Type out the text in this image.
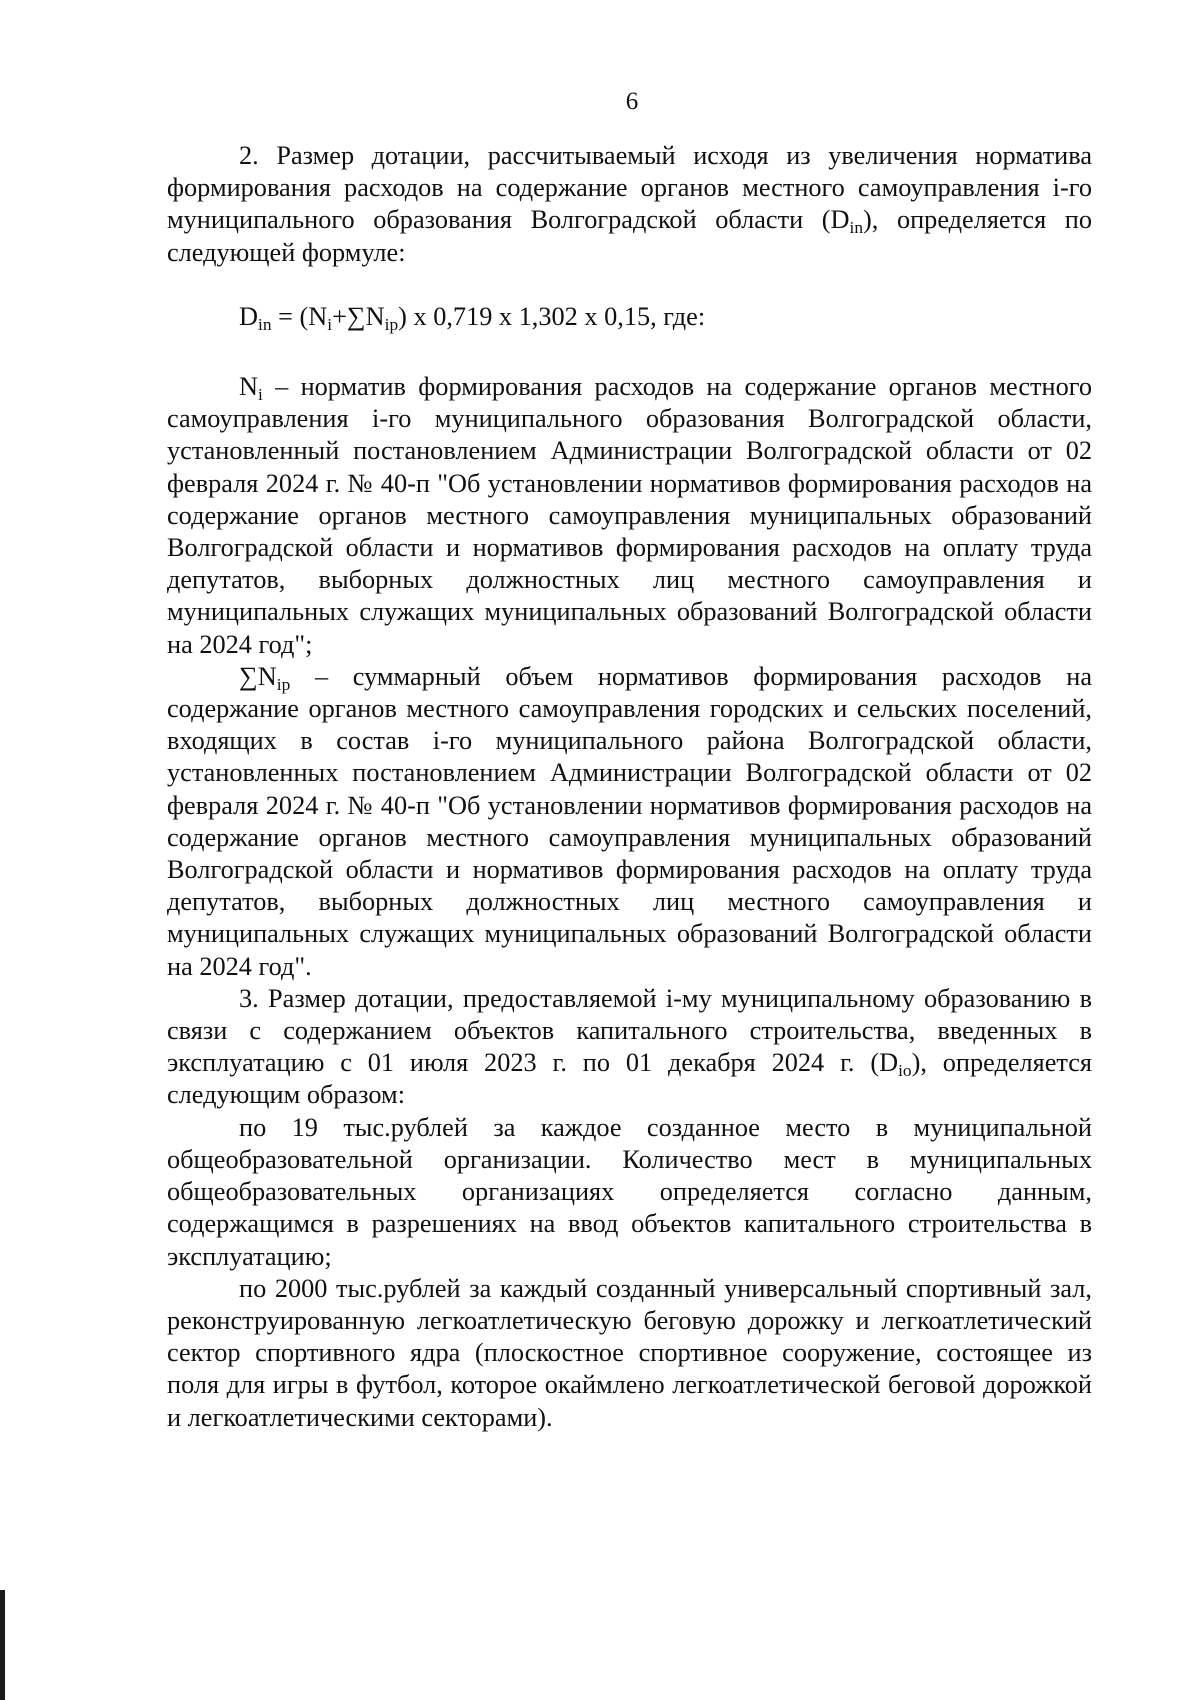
6

2. Размер дотации, рассчитываемый исходя из увеличения норматива формирования расходов на содержание органов местного самоуправления i-го муниципального образования Волгоградской области $(D_{in})$, определяется по следующей формуле:

$D_{in} = (N_i+\sum N_{ip})$ х 0,719 х 1,302 х 0,15, где:

$N_i$ – норматив формирования расходов на содержание органов местного самоуправления i-го муниципального образования Волгоградской области, установленный постановлением Администрации Волгоградской области от 02 февраля 2024 г. № 40-п "Об установлении нормативов формирования расходов на содержание органов местного самоуправления муниципальных образований Волгоградской области и нормативов формирования расходов на оплату труда депутатов, выборных должностных лиц местного самоуправления и муниципальных служащих муниципальных образований Волгоградской области на 2024 год";

$\sum N_{ip}$ – суммарный объем нормативов формирования расходов на содержание органов местного самоуправления городских и сельских поселений, входящих в состав i-го муниципального района Волгоградской области, установленных постановлением Администрации Волгоградской области от 02 февраля 2024 г. № 40-п "Об установлении нормативов формирования расходов на содержание органов местного самоуправления муниципальных образований Волгоградской области и нормативов формирования расходов на оплату труда депутатов, выборных должностных лиц местного самоуправления и муниципальных служащих муниципальных образований Волгоградской области на 2024 год".

3. Размер дотации, предоставляемой i-му муниципальному образованию в связи с содержанием объектов капитального строительства, введенных в эксплуатацию с 01 июля 2023 г. по 01 декабря 2024 г. $(D_{io})$, определяется следующим образом:

по 19 тыс.рублей за каждое созданное место в муниципальной общеобразовательной организации. Количество мест в муниципальных общеобразовательных организациях определяется согласно данным, содержащимся в разрешениях на ввод объектов капитального строительства в эксплуатацию;

по 2000 тыс.рублей за каждый созданный универсальный спортивный зал, реконструированную легкоатлетическую беговую дорожку и легкоатлетический сектор спортивного ядра (плоскостное спортивное сооружение, состоящее из поля для игры в футбол, которое окаймлено легкоатлетической беговой дорожкой и легкоатлетическими секторами).
